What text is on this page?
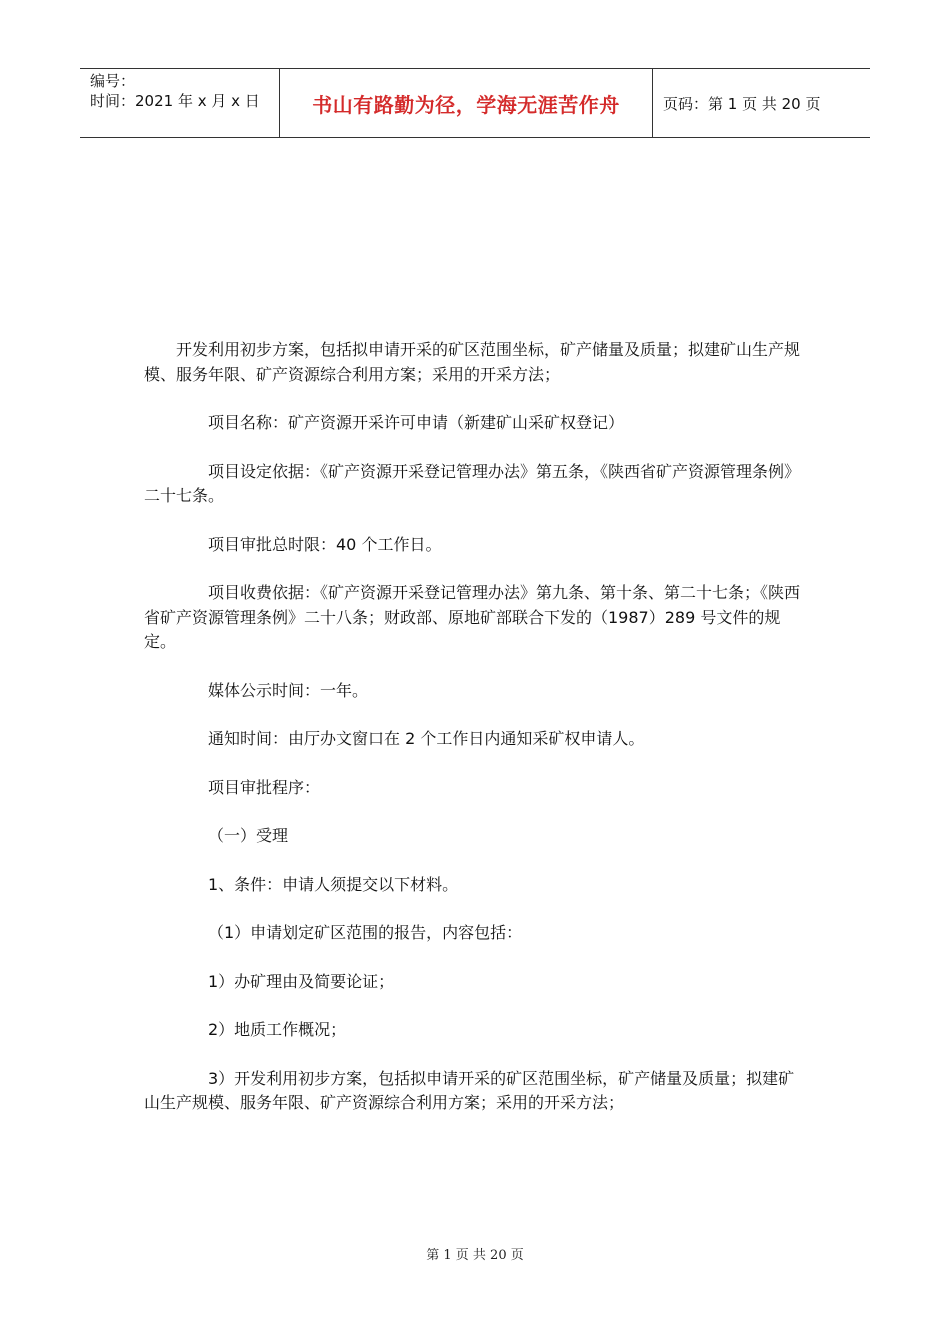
编号：
时间：2021 年 x 月 x 日	书山有路勤为径，学海无涯苦作舟	页码：第 1 页 共 20 页

开发利用初步方案，包括拟申请开采的矿区范围坐标，矿产储量及质量；拟建矿山生产规模、服务年限、矿产资源综合利用方案；采用的开采方法；

项目名称：矿产资源开采许可申请（新建矿山采矿权登记）

项目设定依据：《矿产资源开采登记管理办法》第五条，《陕西省矿产资源管理条例》二十七条。

项目审批总时限：40 个工作日。

项目收费依据：《矿产资源开采登记管理办法》第九条、第十条、第二十七条；《陕西省矿产资源管理条例》二十八条；财政部、原地矿部联合下发的（1987）289 号文件的规定。

媒体公示时间：一年。

通知时间：由厅办文窗口在 2 个工作日内通知采矿权申请人。

项目审批程序：

（一）受理

1、条件：申请人须提交以下材料。

（1）申请划定矿区范围的报告，内容包括：

1）办矿理由及简要论证；

2）地质工作概况；

3）开发利用初步方案，包括拟申请开采的矿区范围坐标，矿产储量及质量；拟建矿山生产规模、服务年限、矿产资源综合利用方案；采用的开采方法；

第 1 页 共 20 页
